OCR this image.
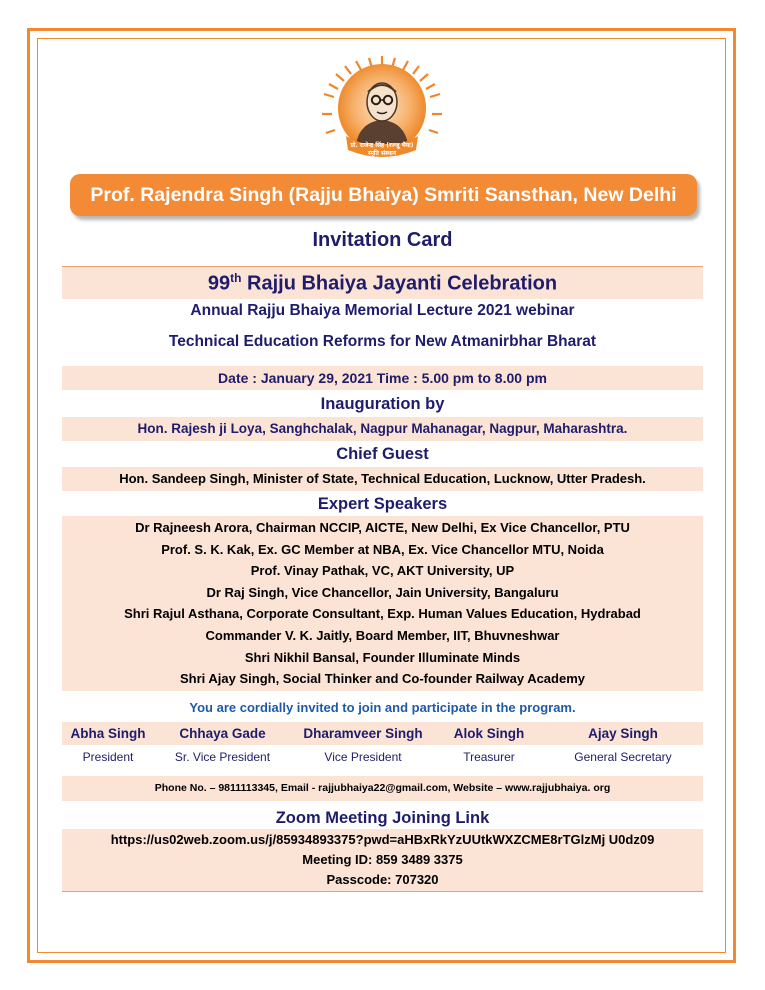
प्रो. राजेन्द्र सिंह (रज्जू भैया)
स्मृति संस्थान
Prof. Rajendra Singh (Rajju Bhaiya) Smriti Sansthan, New Delhi
Invitation Card
99th Rajju Bhaiya Jayanti Celebration
Annual Rajju Bhaiya Memorial Lecture 2021 webinar
Technical Education Reforms for New Atmanirbhar Bharat
Date : January 29, 2021 Time : 5.00 pm to 8.00 pm
Inauguration by
Hon. Rajesh ji Loya, Sanghchalak, Nagpur Mahanagar, Nagpur, Maharashtra.
Chief Guest
Hon. Sandeep Singh, Minister of State, Technical Education, Lucknow, Utter Pradesh.
Expert Speakers
Dr Rajneesh Arora, Chairman NCCIP, AICTE, New Delhi, Ex Vice Chancellor, PTU
Prof. S. K. Kak, Ex. GC Member at NBA, Ex. Vice Chancellor MTU, Noida
Prof. Vinay Pathak, VC, AKT University, UP
Dr Raj Singh, Vice Chancellor, Jain University, Bangaluru
Shri Rajul Asthana, Corporate Consultant, Exp. Human Values Education, Hydrabad
Commander V. K. Jaitly, Board Member, IIT, Bhuvneshwar
Shri Nikhil Bansal, Founder Illuminate Minds
Shri Ajay Singh, Social Thinker and Co-founder Railway Academy
You are cordially invited to join and participate in the program.
Abha Singh	Chhaya Gade	Dharamveer Singh	Alok Singh	Ajay Singh
President	Sr. Vice President	Vice President	Treasurer	General Secretary
Phone No. – 9811113345, Email - rajjubhaiya22@gmail.com, Website – www.rajjubhaiya. org
Zoom Meeting Joining Link
https://us02web.zoom.us/j/85934893375?pwd=aHBxRkYzUUtkWXZCME8rTGlzMj U0dz09
Meeting ID: 859 3489 3375
Passcode: 707320
